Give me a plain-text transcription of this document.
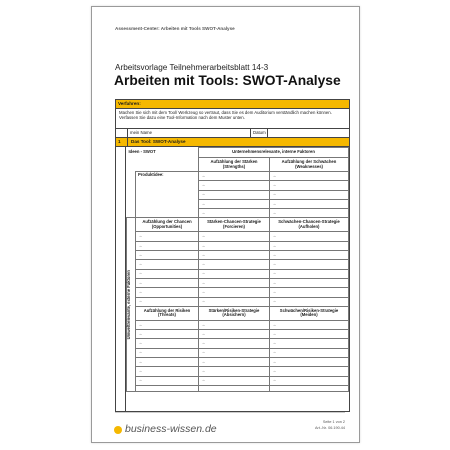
Assessment-Center: Arbeiten mit Tools SWOT-Analyse
Arbeitsvorlage Teilnehmerarbeitsblatt 14-3
Arbeiten mit Tools: SWOT-Analyse
Verfahren:
Machen Sie sich mit dem Tool/ Werkzeug so vertraut, dass Sie es dem Auditorium verständlich machen können. Verfassen Sie dazu eine Tool-Information nach dem Muster unten.
mein Name	Datum
1	Das Tool: SWOT-Analyse
Ideen - SWOT		Unternehmensrelevante, interne Faktoren	
		Aufzählung der Stärken (Strengths)	Aufzählung der Schwächen (Weaknesses)
	Produktidee:	→	→
		→	→
		→	→
		→	→
		→	→

Umweltrelevante, externe Faktoren	Aufzählung der Chancen (Opportunities)	Stärken-Chancen-Strategie (Forcieren)	Schwächen-Chancen-Strategie (Aufholen)
	→	→	→
	→	→	→
	→	→	→
	→	→	→
	→	→	→
	→	→	→
	→	→	→
	→	→	→
	Aufzählung der Risiken (Threats)	Stärken/Risiken-Strategie (Absichern)	Schwächen/Risiken-Strategie (Meiden)
	→	→	→
	→	→	→
	→	→	→
	→	→	→
	→	→	→
	→	→	→
	→	→	→

business-wissen.de
Seite 1 von 2
Art.-Nr. 06.190.44
